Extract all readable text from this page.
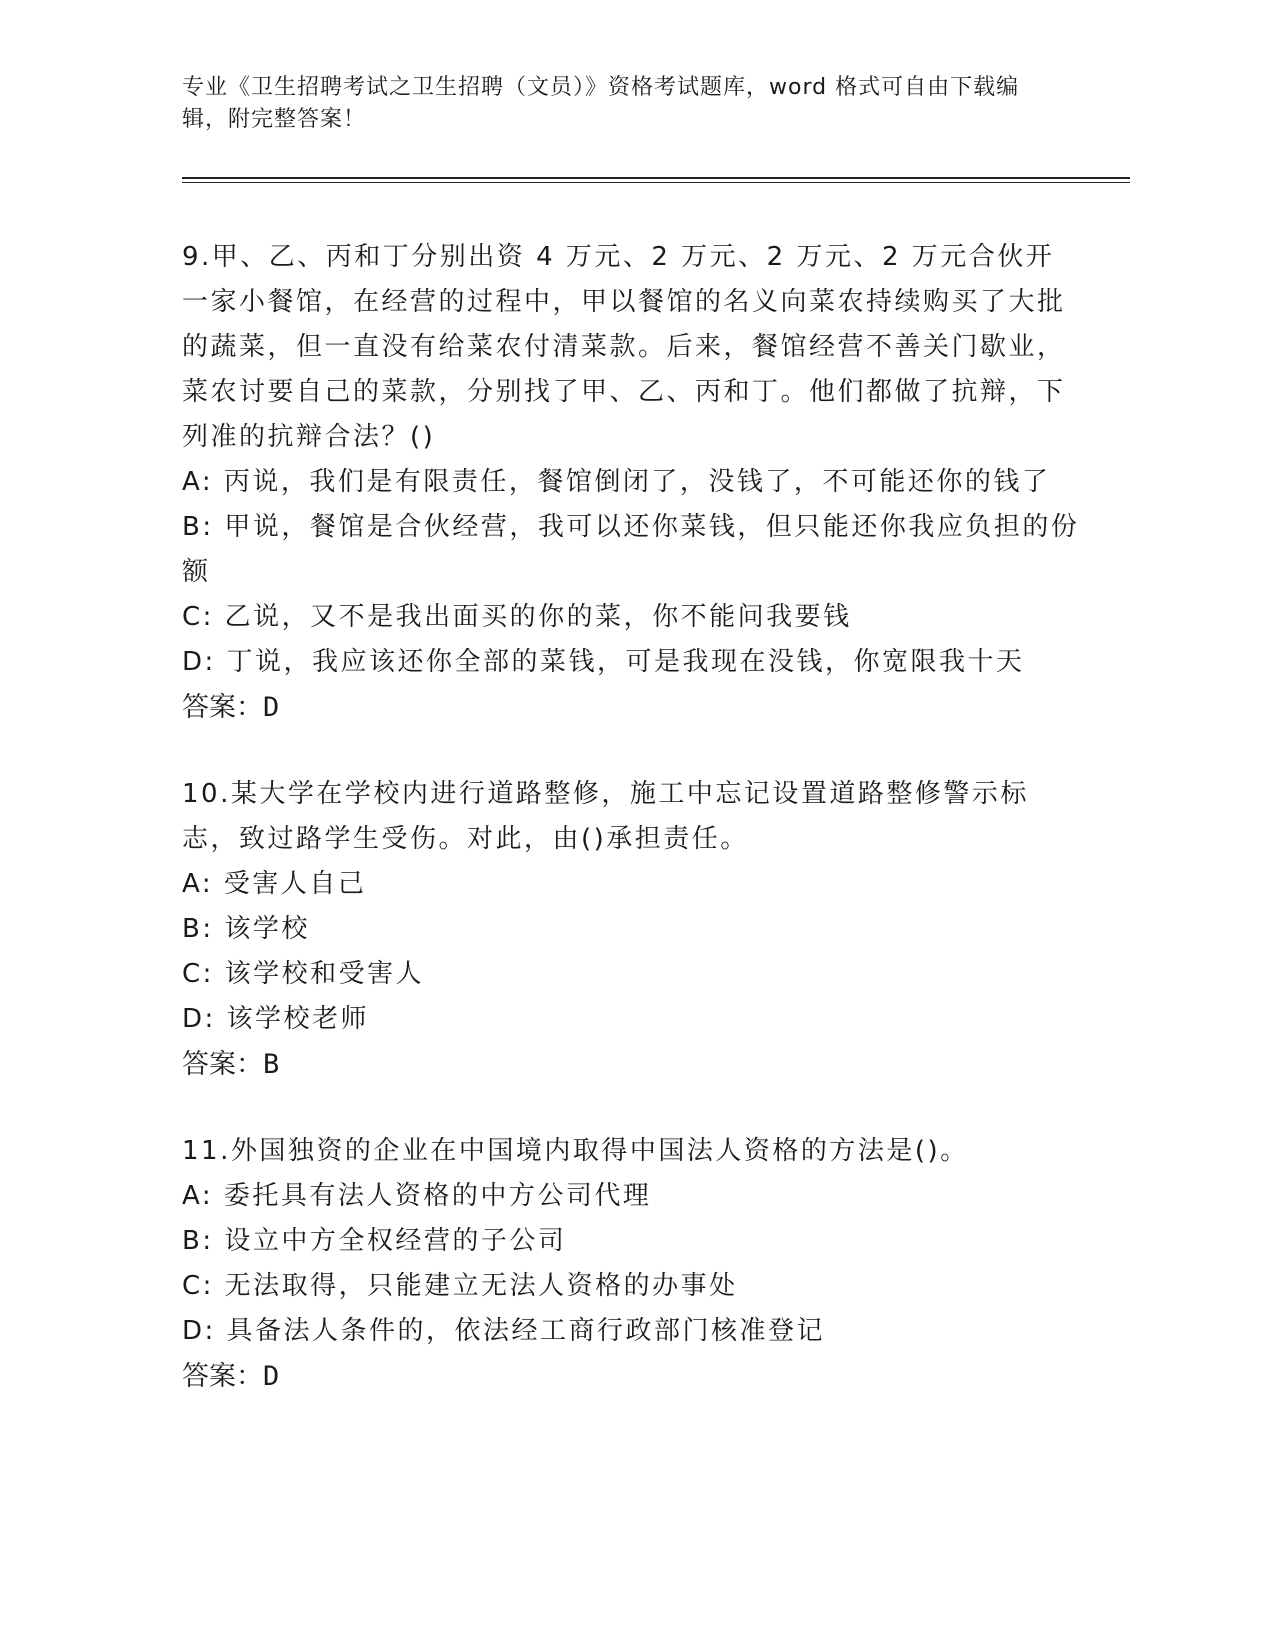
专业《卫生招聘考试之卫生招聘（文员）》资格考试题库，word 格式可自由下载编辑，附完整答案！

9.甲、乙、丙和丁分别出资 4 万元、2 万元、2 万元、2 万元合伙开一家小餐馆，在经营的过程中，甲以餐馆的名义向菜农持续购买了大批的蔬菜，但一直没有给菜农付清菜款。后来，餐馆经营不善关门歇业，菜农讨要自己的菜款，分别找了甲、乙、丙和丁。他们都做了抗辩，下列准的抗辩合法？()

A: 丙说，我们是有限责任，餐馆倒闭了，没钱了，不可能还你的钱了

B: 甲说，餐馆是合伙经营，我可以还你菜钱，但只能还你我应负担的份额

C: 乙说，又不是我出面买的你的菜，你不能问我要钱

D: 丁说，我应该还你全部的菜钱，可是我现在没钱，你宽限我十天

答案：D

10.某大学在学校内进行道路整修，施工中忘记设置道路整修警示标志，致过路学生受伤。对此，由()承担责任。

A: 受害人自己

B: 该学校

C: 该学校和受害人

D: 该学校老师

答案：B

11.外国独资的企业在中国境内取得中国法人资格的方法是()。

A: 委托具有法人资格的中方公司代理

B: 设立中方全权经营的子公司

C: 无法取得，只能建立无法人资格的办事处

D: 具备法人条件的，依法经工商行政部门核准登记

答案：D
